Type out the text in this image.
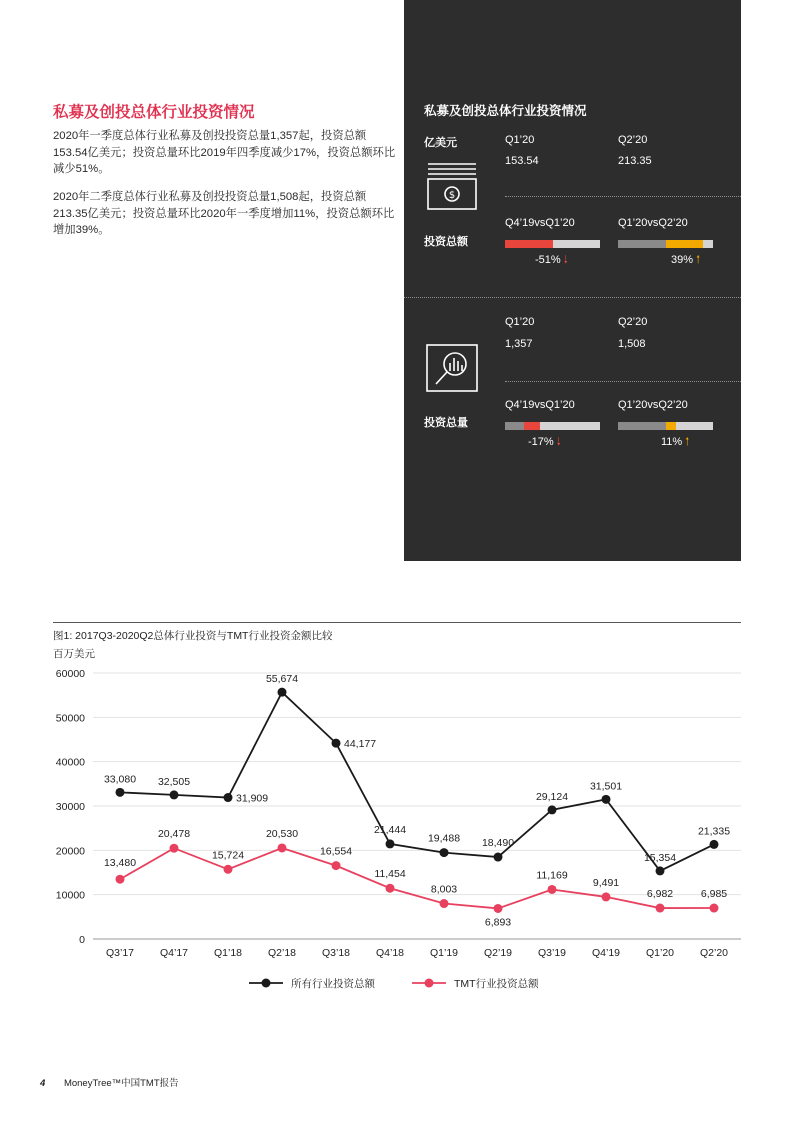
私募及创投总体行业投资情况

2020年一季度总体行业私募及创投投资总量1,357起，投资总额153.54亿美元；投资总量环比2019年四季度减少17%，投资总额环比减少51%。

2020年二季度总体行业私募及创投投资总量1,508起，投资总额213.35亿美元；投资总量环比2020年一季度增加11%，投资总额环比增加39%。

私募及创投总体行业投资情况
亿美元	Q1’20	Q2’20
153.54	213.35
$
投资总额
Q4’19vsQ1’20	Q1’20vsQ2’20
-51% 🠓	39% 🠑
Q1’20	Q2’20
1,357	1,508
投资总量
Q4’19vsQ1’20	Q1’20vsQ2’20
-17% 🠓	11% 🠑
图1: 2017Q3-2020Q2总体行业投资与TMT行业投资金额比较
百万美元
0
10000
20000
30000
40000
50000
60000
Q3’17 Q4’17 Q1’18 Q2’18 Q3’18 Q4’18 Q1’19 Q2’19 Q3’19 Q4’19 Q1’20 Q2’20
33,080 32,505
31,909
55,674
44,177
21,444
19,488 18,490
29,124
31,501
15,354
21,335
13,480
20,478
15,724
20,530
16,554
11,454
8,003
6,893
11,169
9,491
6,982	6,985
所有行业投资总额	TMT行业投资总额
4 MoneyTree™中国TMT报告
